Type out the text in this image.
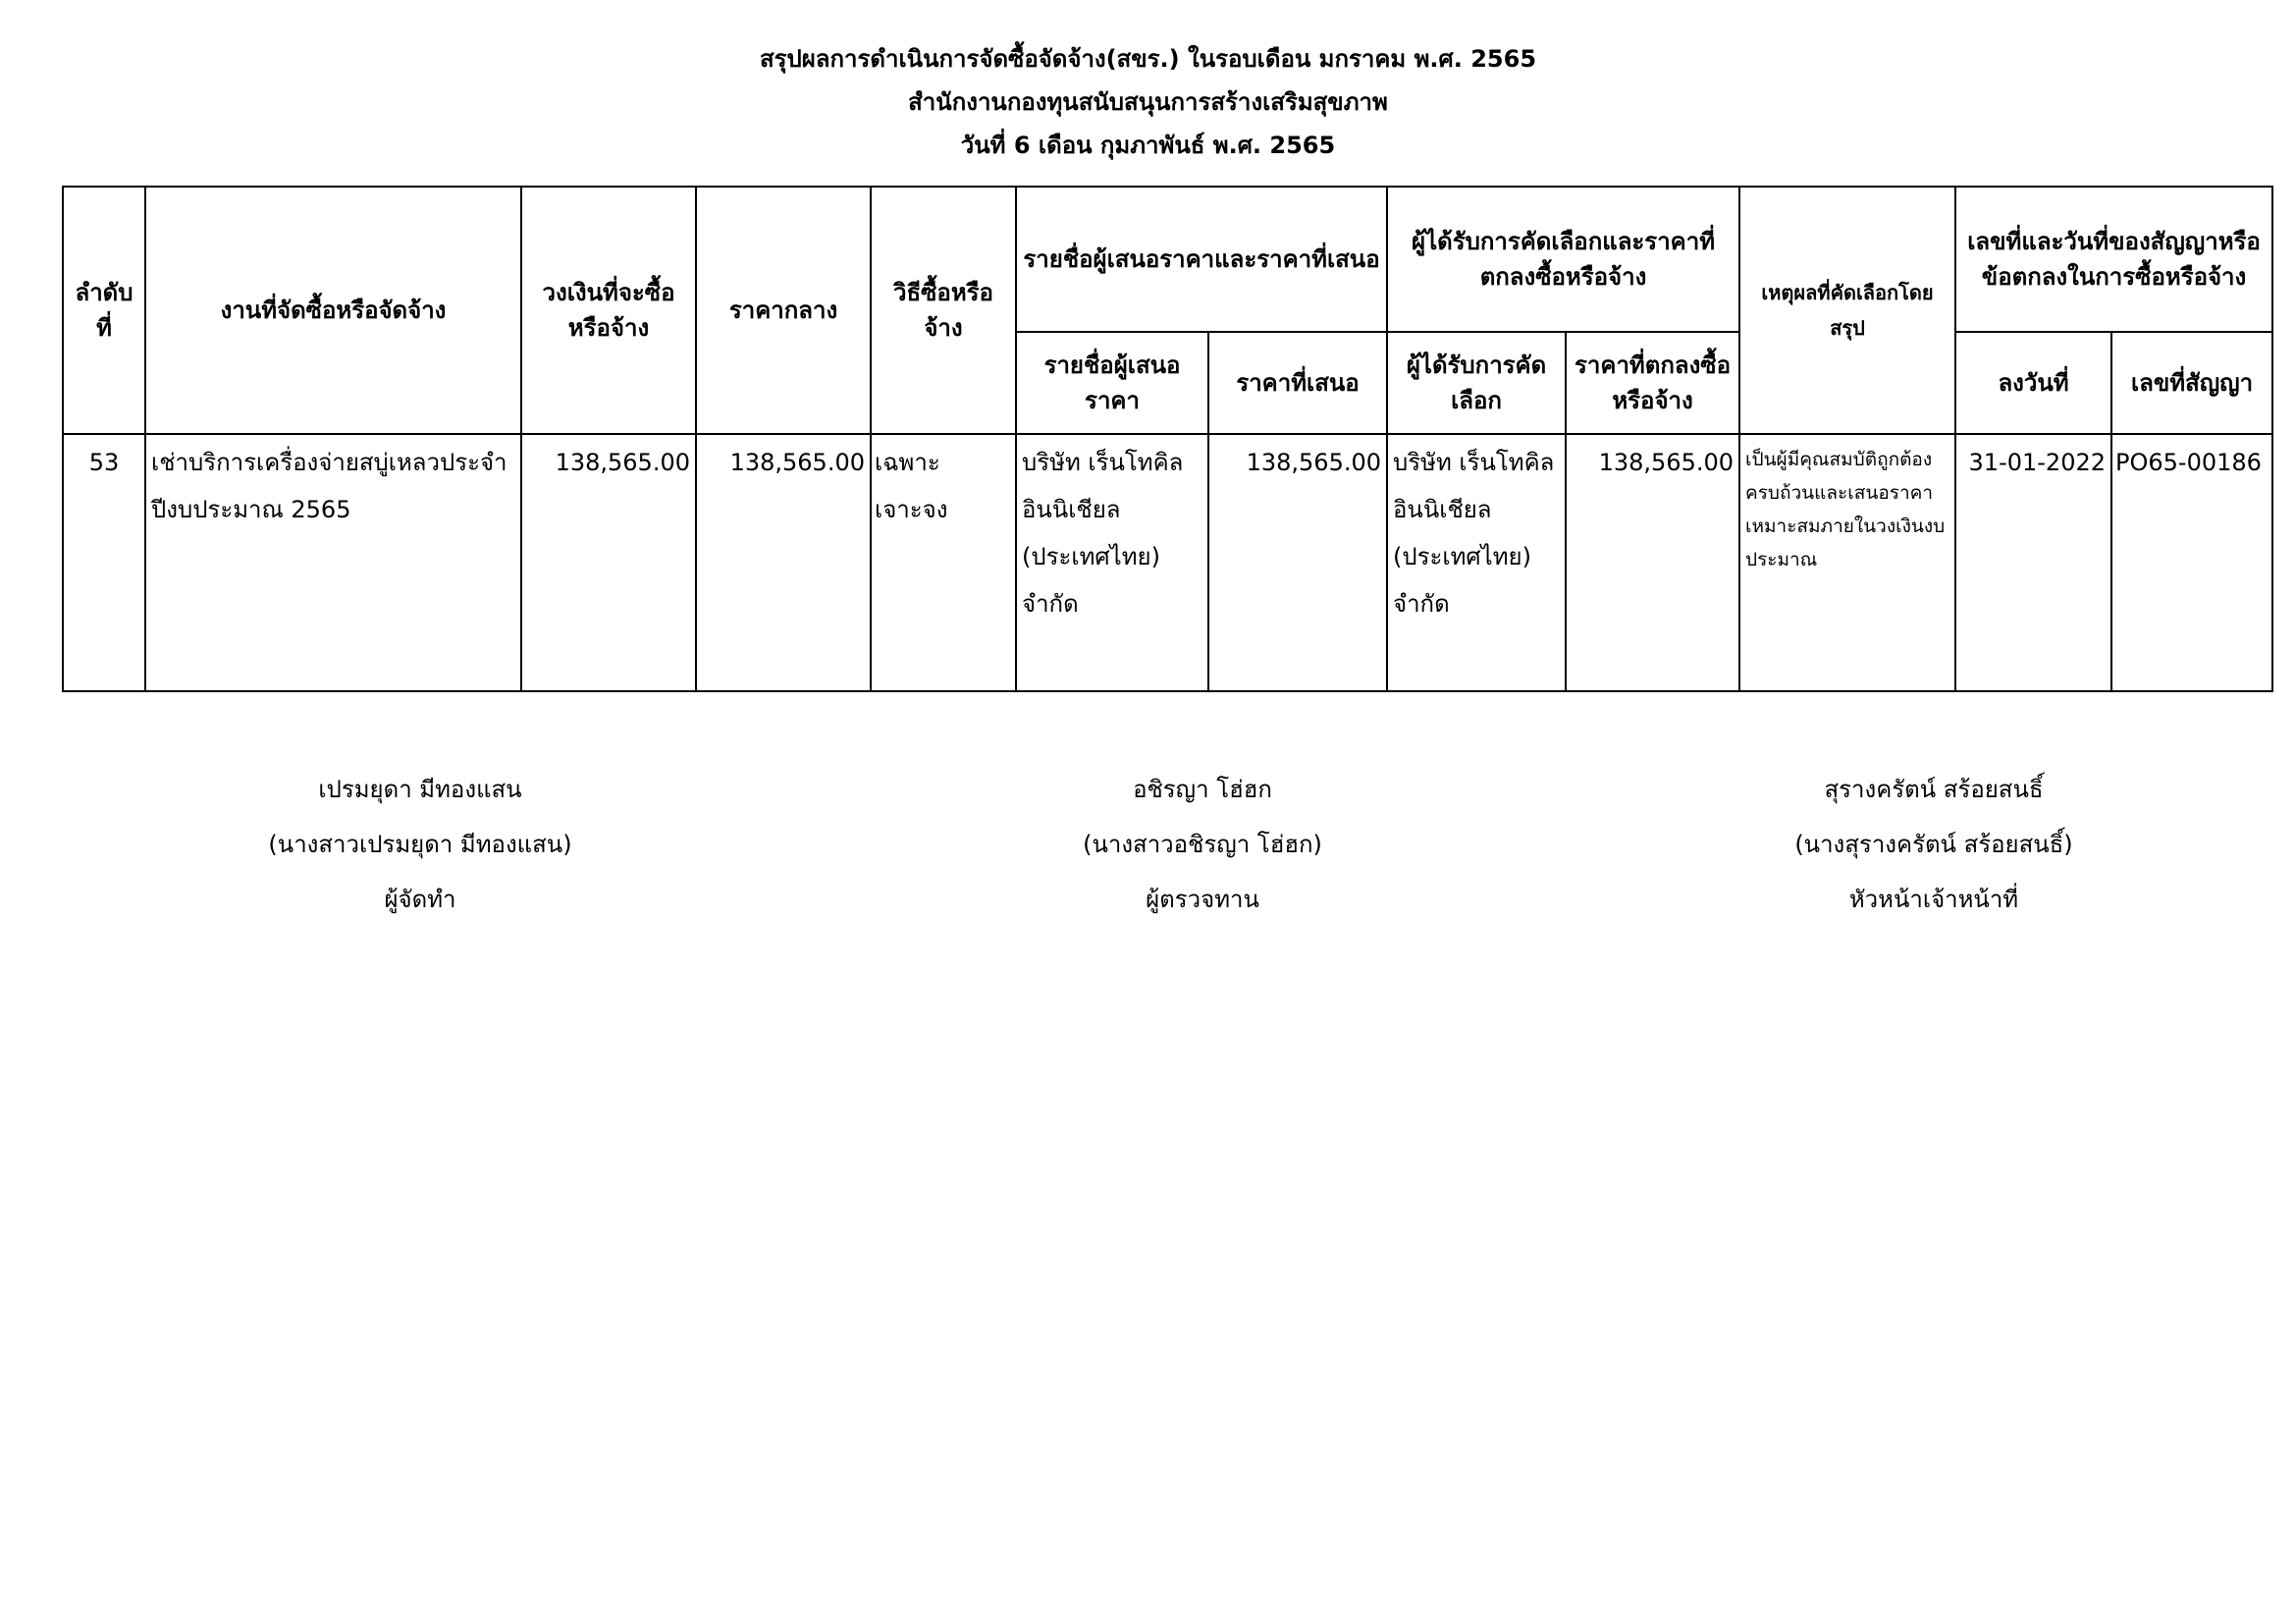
สรุปผลการดำเนินการจัดซื้อจัดจ้าง(สขร.) ในรอบเดือน มกราคม พ.ศ. 2565
สำนักงานกองทุนสนับสนุนการสร้างเสริมสุขภาพ
วันที่ 6 เดือน กุมภาพันธ์ พ.ศ. 2565
ลำดับที่	งานที่จัดซื้อหรือจัดจ้าง	วงเงินที่จะซื้อหรือจ้าง	ราคากลาง	วิธีซื้อหรือจ้าง	รายชื่อผู้เสนอราคาและราคาที่เสนอ		ผู้ได้รับการคัดเลือกและราคาที่ตกลงซื้อหรือจ้าง		เหตุผลที่คัดเลือกโดยสรุป	เลขที่และวันที่ของสัญญาหรือข้อตกลงในการซื้อหรือจ้าง	
					รายชื่อผู้เสนอราคา	ราคาที่เสนอ	ผู้ได้รับการคัดเลือก	ราคาที่ตกลงซื้อหรือจ้าง		ลงวันที่	เลขที่สัญญา
53	เช่าบริการเครื่องจ่ายสบู่เหลวประจำปีงบประมาณ 2565	138,565.00	138,565.00	เฉพาะเจาะจง	บริษัท เร็นโทคิล อินนิเชียล (ประเทศไทย) จำกัด	138,565.00	บริษัท เร็นโทคิล อินนิเชียล (ประเทศไทย) จำกัด	138,565.00	เป็นผู้มีคุณสมบัติถูกต้องครบถ้วนและเสนอราคาเหมาะสมภายในวงเงินงบประมาณ	31-01-2022	PO65-00186
เปรมยุดา มีทองแสน
(นางสาวเปรมยุดา มีทองแสน)
ผู้จัดทำ
อชิรญา โฮ่ฮก
(นางสาวอชิรญา โฮ่ฮก)
ผู้ตรวจทาน
สุรางครัตน์ สร้อยสนธิ์
(นางสุรางครัตน์ สร้อยสนธิ์)
หัวหน้าเจ้าหน้าที่
